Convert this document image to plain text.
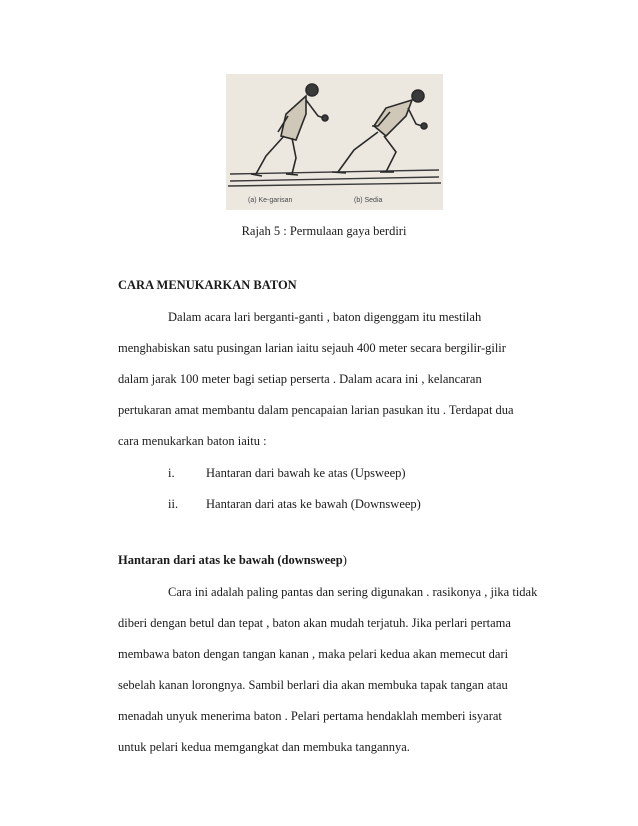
(a) Ke-garisan	(b) Sedia
Rajah 5 : Permulaan gaya berdiri
CARA MENUKARKAN BATON
Dalam acara lari berganti-ganti , baton digenggam itu mestilah
menghabiskan satu pusingan larian iaitu sejauh 400 meter secara bergilir-gilir
dalam jarak 100 meter bagi setiap perserta . Dalam acara ini , kelancaran
pertukaran amat membantu dalam pencapaian larian pasukan itu . Terdapat dua
cara menukarkan baton iaitu :
i.	Hantaran dari bawah ke atas (Upsweep)
ii. Hantaran dari atas ke bawah (Downsweep)
Hantaran dari atas ke bawah (downsweep)
Cara ini adalah paling pantas dan sering digunakan . rasikonya , jika tidak
diberi dengan betul dan tepat , baton akan mudah terjatuh. Jika perlari pertama
membawa baton dengan tangan kanan , maka pelari kedua akan memecut dari
sebelah kanan lorongnya. Sambil berlari dia akan membuka tapak tangan atau
menadah unyuk menerima baton . Pelari pertama hendaklah memberi isyarat
untuk pelari kedua memgangkat dan membuka tangannya.
